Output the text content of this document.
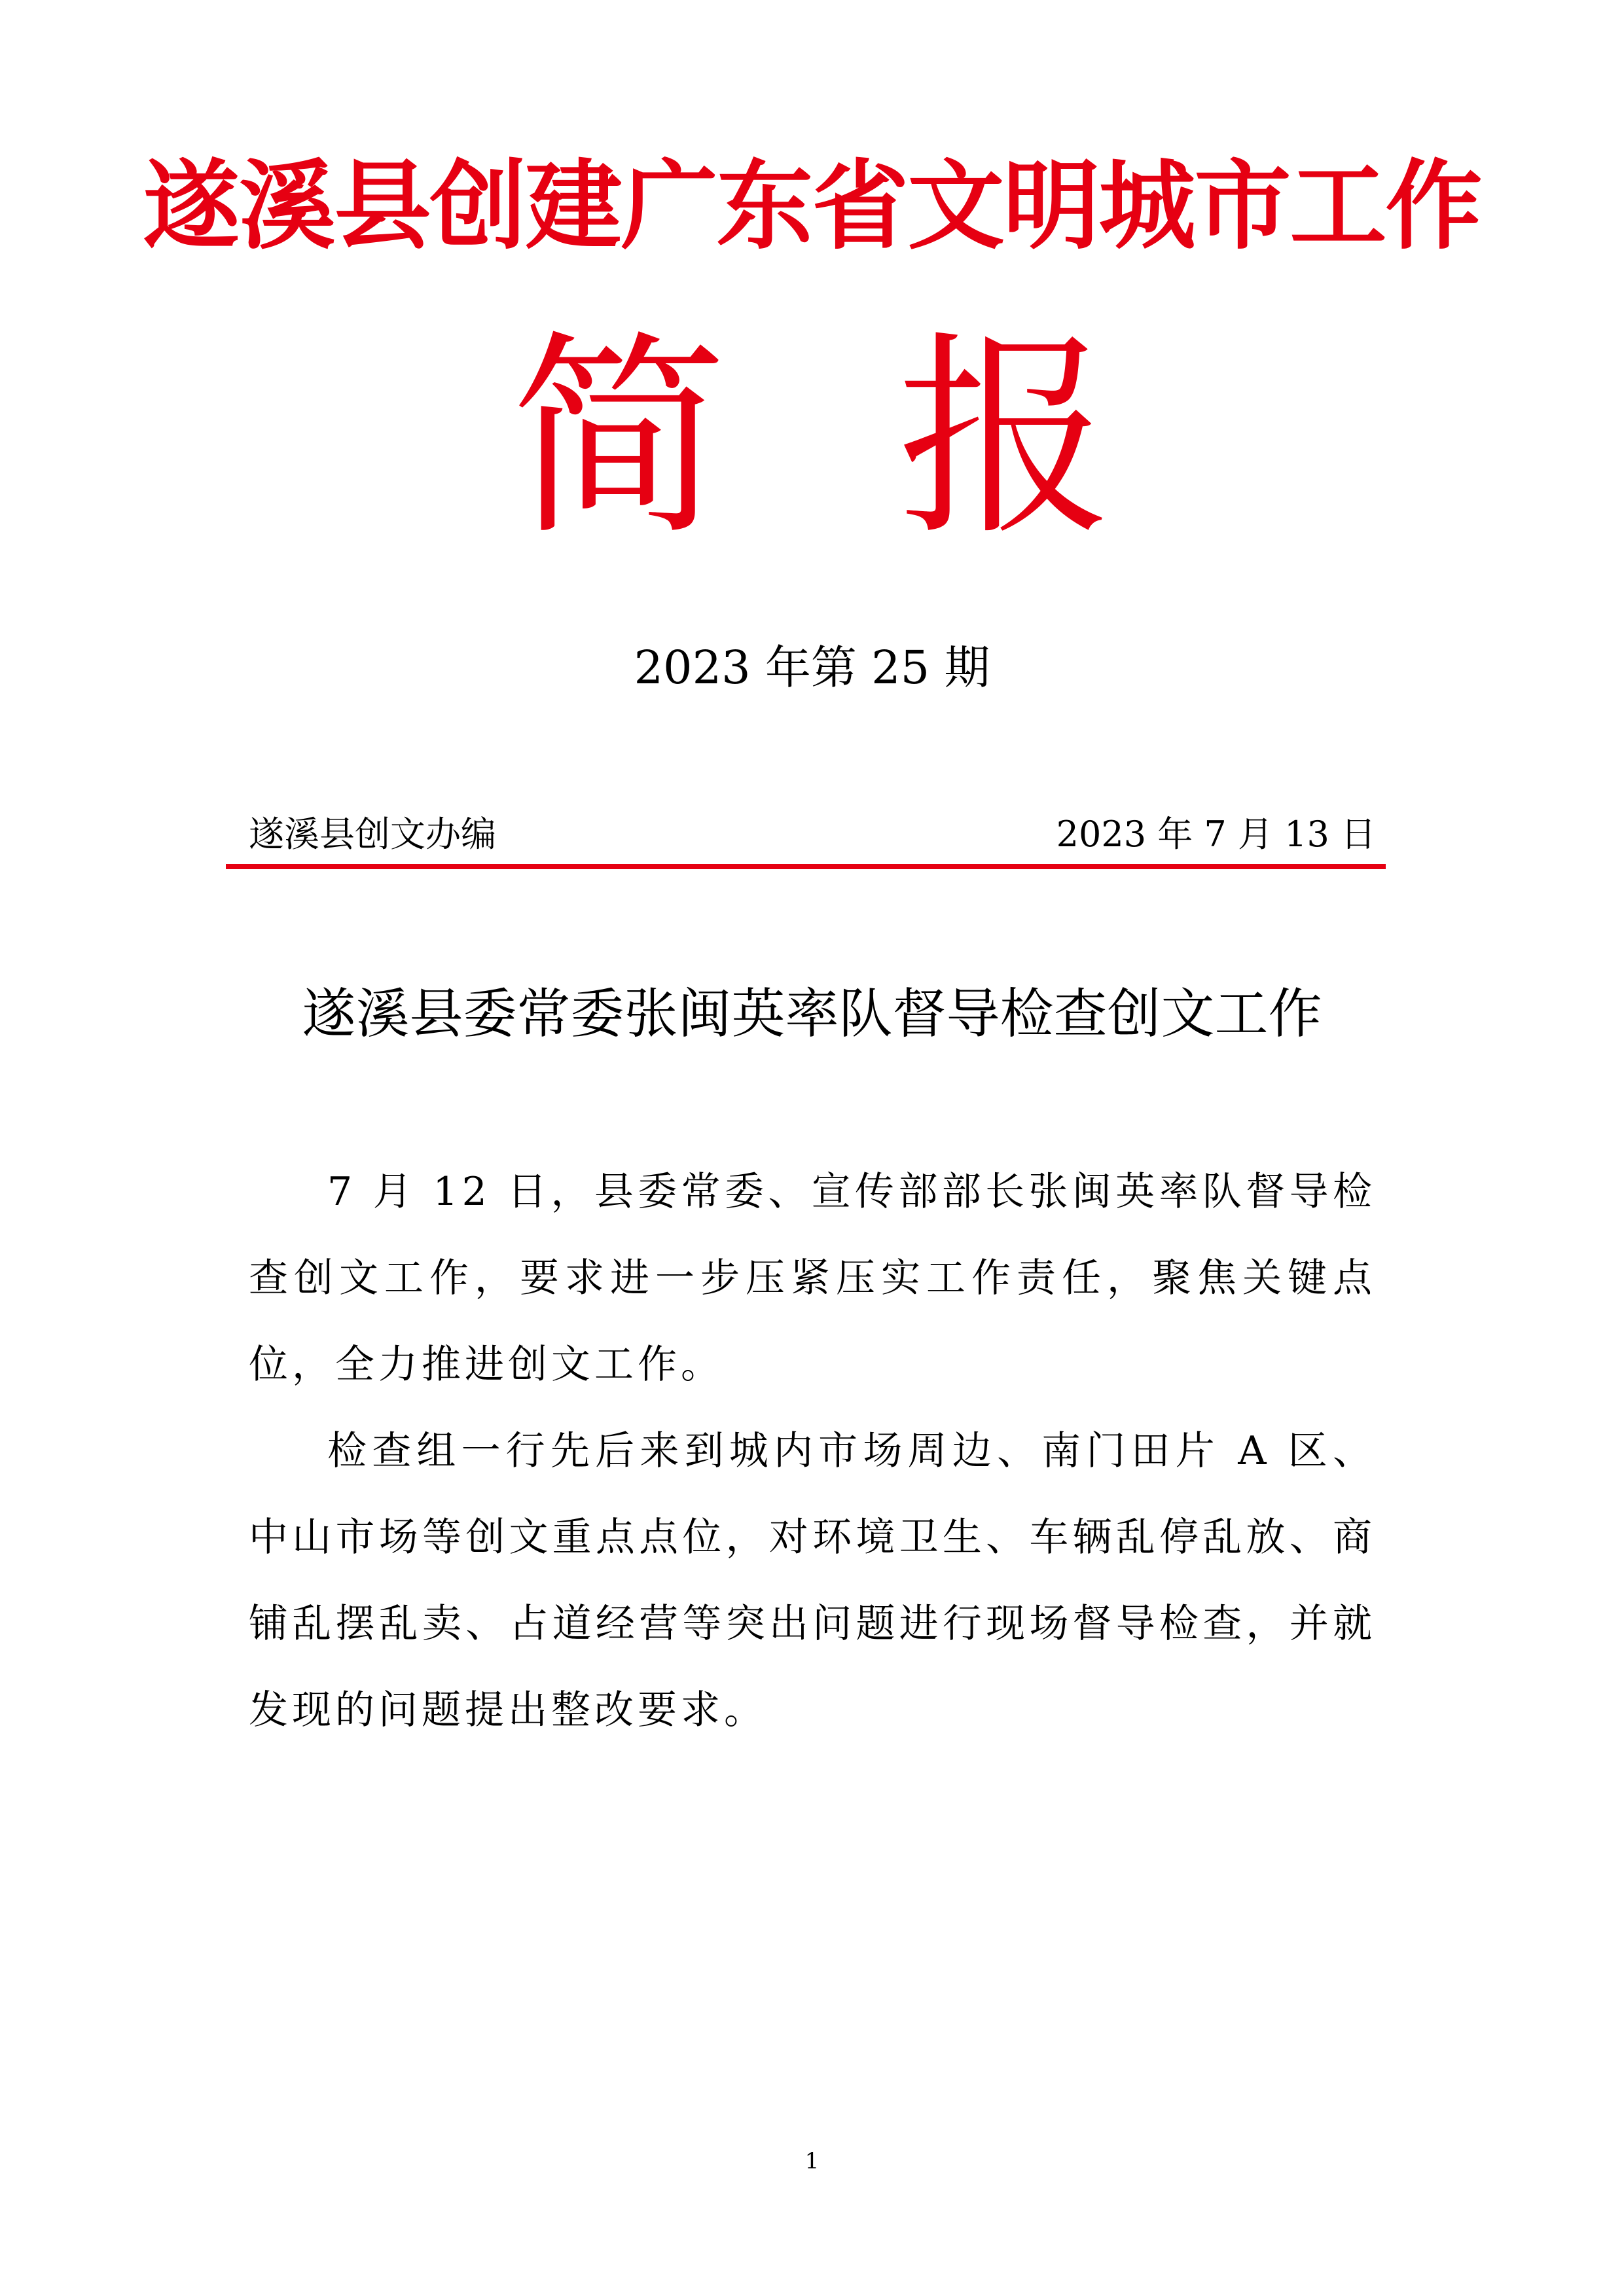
遂溪县创建广东省文明城市工作
简 报
2023 年第 25 期
遂溪县创文办编	2023 年 7 月 13 日
遂溪县委常委张闽英率队督导检查创文工作

7 月 12 日，县委常委、宣传部部长张闽英率队督导检查创文工作，要求进一步压紧压实工作责任，聚焦关键点位，全力推进创文工作。

检查组一行先后来到城内市场周边、南门田片 A 区、中山市场等创文重点点位，对环境卫生、车辆乱停乱放、商铺乱摆乱卖、占道经营等突出问题进行现场督导检查，并就发现的问题提出整改要求。

1
